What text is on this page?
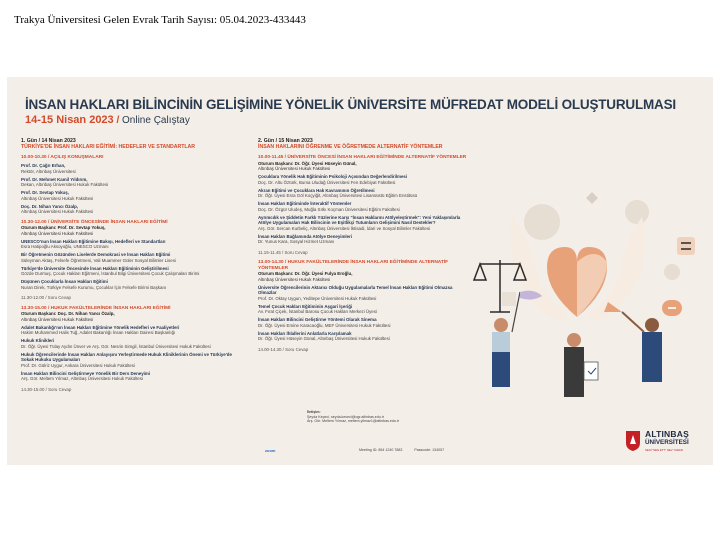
Trakya Üniversitesi Gelen Evrak Tarih Sayısı: 05.04.2023-433443
İNSAN HAKLARI BİLİNCİNİN GELİŞİMİNE YÖNELİK ÜNİVERSİTE MÜFREDAT MODELİ OLUŞTURULMASI
14-15 Nisan 2023 / Online Çalıştay
1. Gün / 14 Nisan 2023
TÜRKİYE'DE İNSAN HAKLARI EĞİTİMİ: HEDEFLER VE STANDARTLAR
10.00-10.30 / AÇILIŞ KONUŞMALARI
Prof. Dr. Çağrı Erhan,
Rektör, Altınbaş Üniversitesi
Prof. Dr. Mehmet Kamil Yıldırım,
Dekan, Altınbaş Üniversitesi Hukuk Fakültesi
Prof. Dr. Sevtap Yokuş,
Altınbaş Üniversitesi Hukuk Fakültesi
Doç. Dr. Nihan Yancı Özalp,
Altınbaş Üniversitesi Hukuk Fakültesi
10.30-12.00 / ÜNİVERSİTE ÖNCESİNDE İNSAN HAKLARI EĞİTİMİ
Oturum Başkanı: Prof. Dr. Sevtap Yokuş,
Altınbaş Üniversitesi Hukuk Fakültesi
UNESCO'nun İnsan Hakları Eğitimine Bakışı, Hedefleri ve Standartları
Esra Hatipoğlu Aksoyoğlu, UNESCO Uzmanı
Bir Öğretmenin Gözünden Liselerde Demokrasi ve İnsan Hakları Eğitimi
Süleyman Aktaş, Felsefe Öğretmeni, Vali Muammer Güler Sosyal Bilimler Lisesi
Türkiye'de Üniversite Öncesinde İnsan Hakları Eğitiminin Geliştirilmesi
Gözde Durmuş, Çocuk Hakları Eğitmeni, İstanbul Bilgi Üniversitesi Çocuk Çalışmaları Birimi
Düşünen Çocuklarla İnsan Hakları Eğitimi
Nuran Direk, Türkiye Felsefe Kurumu, Çocuklar İçin Felsefe Birimi Başkanı
11.30-12.00 / Soru Cevap
13.30-15.00 / HUKUK FAKÜLTELERİNDE İNSAN HAKLARI EĞİTİMİ
Oturum Başkanı: Doç. Dr. Nihan Yancı Özalp,
Altınbaş Üniversitesi Hukuk Fakültesi
Adalet Bakanlığı'nın İnsan Hakları Eğitimine Yönelik Hedefleri ve Faaliyetleri
Hakim Muhammed Halis Tuğ, Adalet Bakanlığı İnsan Hakları Dairesi Başkanlığı
Hukuk Klinikleri
Dr. Öğr. Üyesi Tülay Aydın Ünver ve Arş. Gör. Nesrin Simgil, İstanbul Üniversitesi Hukuk Fakültesi
Hukuk Öğrencilerinde İnsan Hakları Anlayışını Yerleştirmede Hukuk Kliniklerinin Önemi ve Türkiye'de Sokak Hukuku Uygulamaları
Prof. Dr. Gülriz Uygur, Ankara Üniversitesi Hukuk Fakültesi
İnsan Hakları Bilincini Geliştirmeye Yönelik Bir Ders Deneyimi
Arş. Gör. Meltem Yılmaz, Altınbaş Üniversitesi Hukuk Fakültesi
14.30-15.00 / Soru Cevap
2. Gün / 15 Nisan 2023
İNSAN HAKLARINI ÖĞRENME VE ÖĞRETMEDE ALTERNATİF YÖNTEMLER
10.00-11.45 / ÜNİVERSİTE ÖNCESİ İNSAN HAKLARI EĞİTİMİNDE ALTERNATİF YÖNTEMLER
Oturum Başkanı: Dr. Öğr. Üyesi Hüseyin Günal,
Altınbaş Üniversitesi Hukuk Fakültesi
Çocuklara Yönelik Hak Eğitiminin Psikoloji Açısından Değerlendirilmesi
Doç. Dr. Altu Öztürk, Bursa Uludağ Üniversitesi Fen Edebiyat Fakültesi
Akran Eğitimi ve Çocuklara Hak Kavramının Öğretilmesi
Dr. Öğr. Üyesi Esra Göl Koçyiğit, Altınbaş Üniversitesi Lisansüstü Eğitim Enstitüsü
İnsan Hakları Eğitiminde İnteraktif Yöntemler
Doç. Dr. Özgür Uludeş, Muğla Sıtkı Koçman Üniversitesi Eğitim Fakültesi
Ayrımcılık ve Şiddetin Farklı Yüzlerine Karşı "İnsan Haklarını Atölyeleştirmek": Yeni Yaklaşımlarla Atölye Uygulamaları Hak Bilincinin ve Eşitlikçi Tutumların Gelişimini Nasıl Destekler?
Arş. Gör. Sercan Kurbeliç, Altınbaş Üniversitesi İktisadi, İdari ve Sosyal Bilimler Fakültesi
İnsan Hakları Bağlamında Atölye Deneyimleri
Dr. Yunus Kara, Sosyal Hizmet Uzmanı
11.15-11.45 / Soru Cevap
13.00-14.30 / HUKUK FAKÜLTELERİNDE İNSAN HAKLARI EĞİTİMİNDE ALTERNATİF YÖNTEMLER
Oturum Başkanı: Dr. Öğr. Üyesi Fulya Eroğlu,
Altınbaş Üniversitesi Hukuk Fakültesi
Üniversite Öğrencilerinin Aktarıcı Olduğu Uygulamalarla Temel İnsan Hakları Eğitimi Olmazsa Olmazlar
Prof. Dr. Oktay Uygun, Yeditepe Üniversitesi Hukuk Fakültesi
Temel Çocuk Hakları Eğitiminin Aşgari İçeriği
Av. Fırat Çiçek, İstanbul Barosu Çocuk Hakları Merkezi Üyesi
İnsan Hakları Bilincini Geliştirme Yöntemi Olarak Sinema
Dr. Öğr. Üyesi Emine Karacaoğlu, MEF Üniversitesi Hukuk Fakültesi
İnsan Hakları İhlallerini Anlatlarla Karşılamak
Dr. Öğr. Üyesi Hüseyin Günal, Altınbaş Üniversitesi Hukuk Fakültesi
14.00-14.30 / Soru Cevap
İletişim:
Şeyda Keçeci, seyda.kececi@ogr.altinbas.edu.tr
Arş. Gör. Meltem Yılmaz, meltem.yilmaz1@altinbas.edu.tr
zoom	Meeting ID: 854 1240 7883	Passcode: 134057
ALTINBAŞ
ÜNİVERSİTESİ
SENİ "SEN ETT" NEV YARAR
